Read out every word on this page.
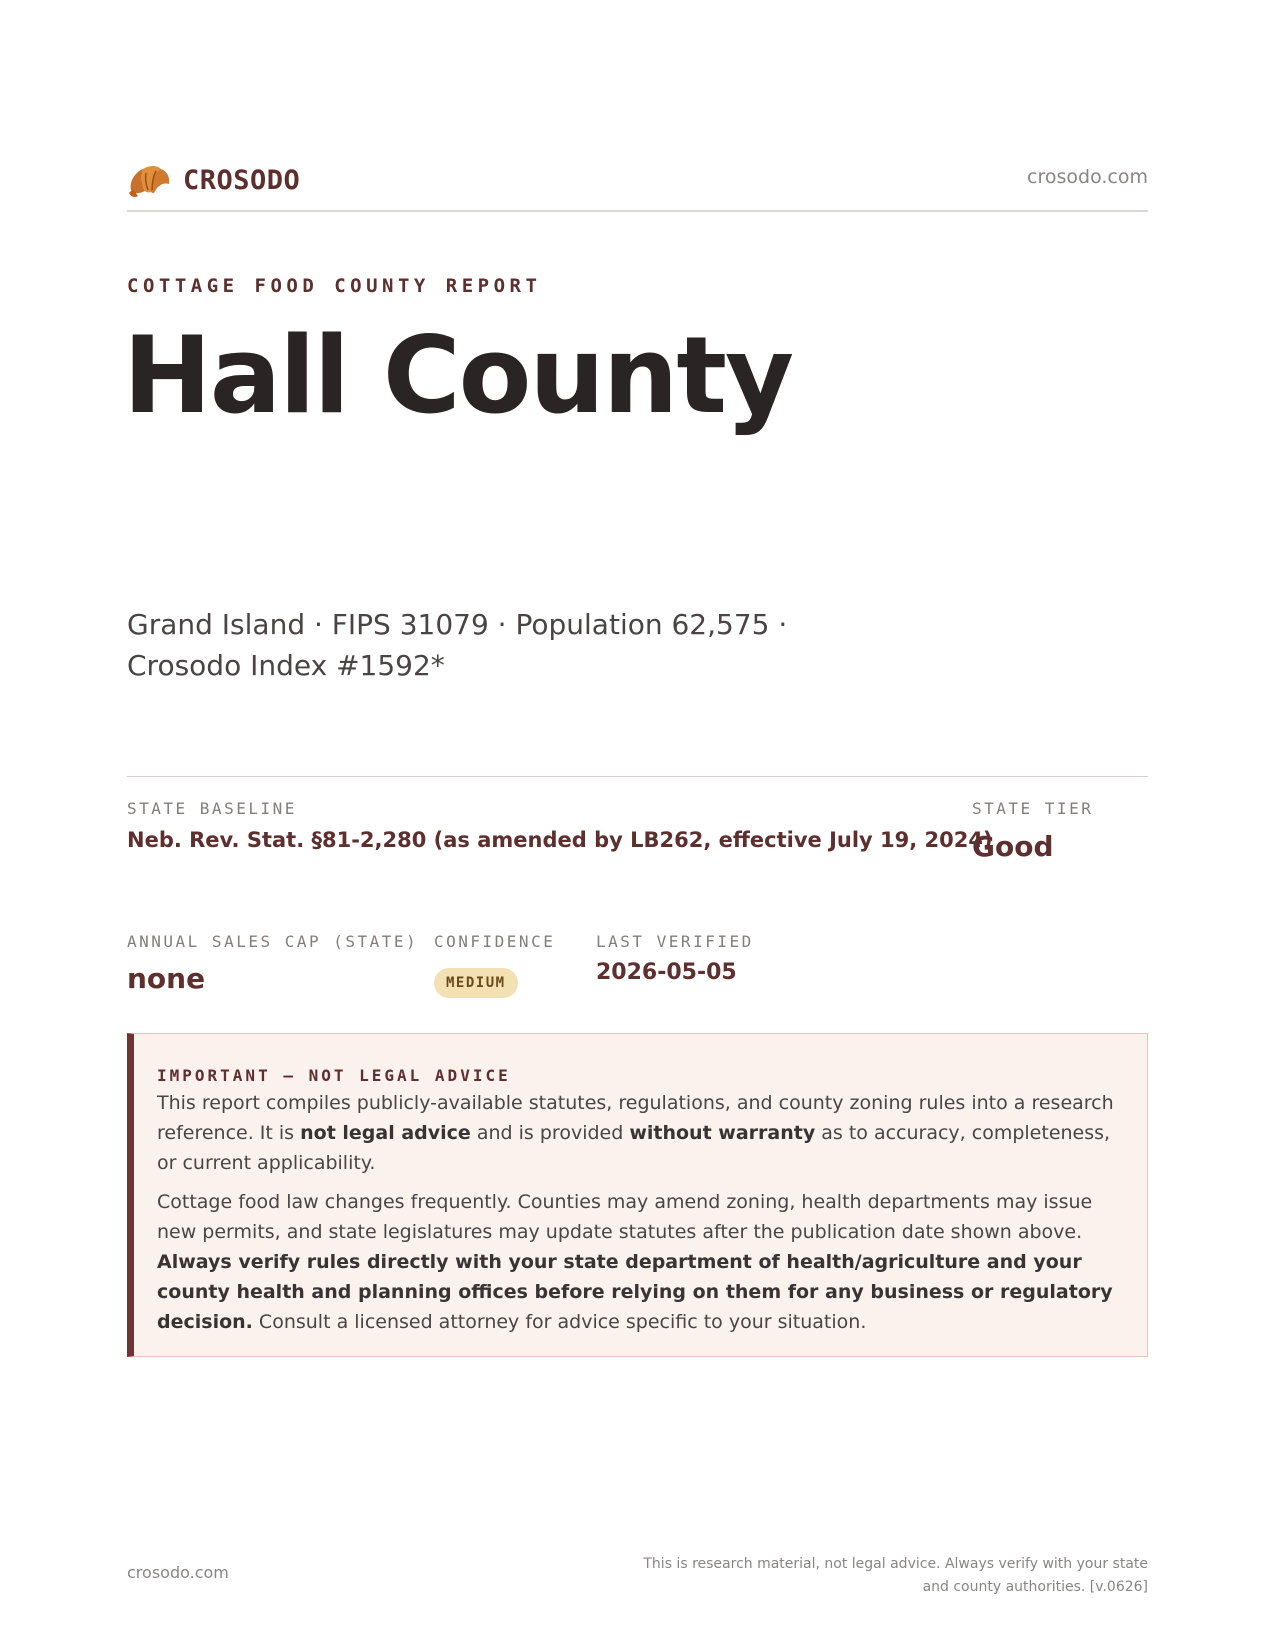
CROSODO	crosodo.com
COTTAGE FOOD COUNTY REPORT
Hall County
Grand Island · FIPS 31079 · Population 62,575 · Crosodo Index #1592*
STATE BASELINE
Neb. Rev. Stat. §81-2,280 (as amended by LB262, effective July 19, 2024)
STATE TIER
Good
ANNUAL SALES CAP (STATE)
none
CONFIDENCE
MEDIUM
LAST VERIFIED
2026-05-05
IMPORTANT — NOT LEGAL ADVICE

This report compiles publicly-available statutes, regulations, and county zoning rules into a research reference. It is not legal advice and is provided without warranty as to accuracy, completeness, or current applicability.

Cottage food law changes frequently. Counties may amend zoning, health departments may issue new permits, and state legislatures may update statutes after the publication date shown above. Always verify rules directly with your state department of health/agriculture and your county health and planning offices before relying on them for any business or regulatory decision. Consult a licensed attorney for advice specific to your situation.

crosodo.com	This is research material, not legal advice. Always verify with your state
and county authorities. [v.0626]
